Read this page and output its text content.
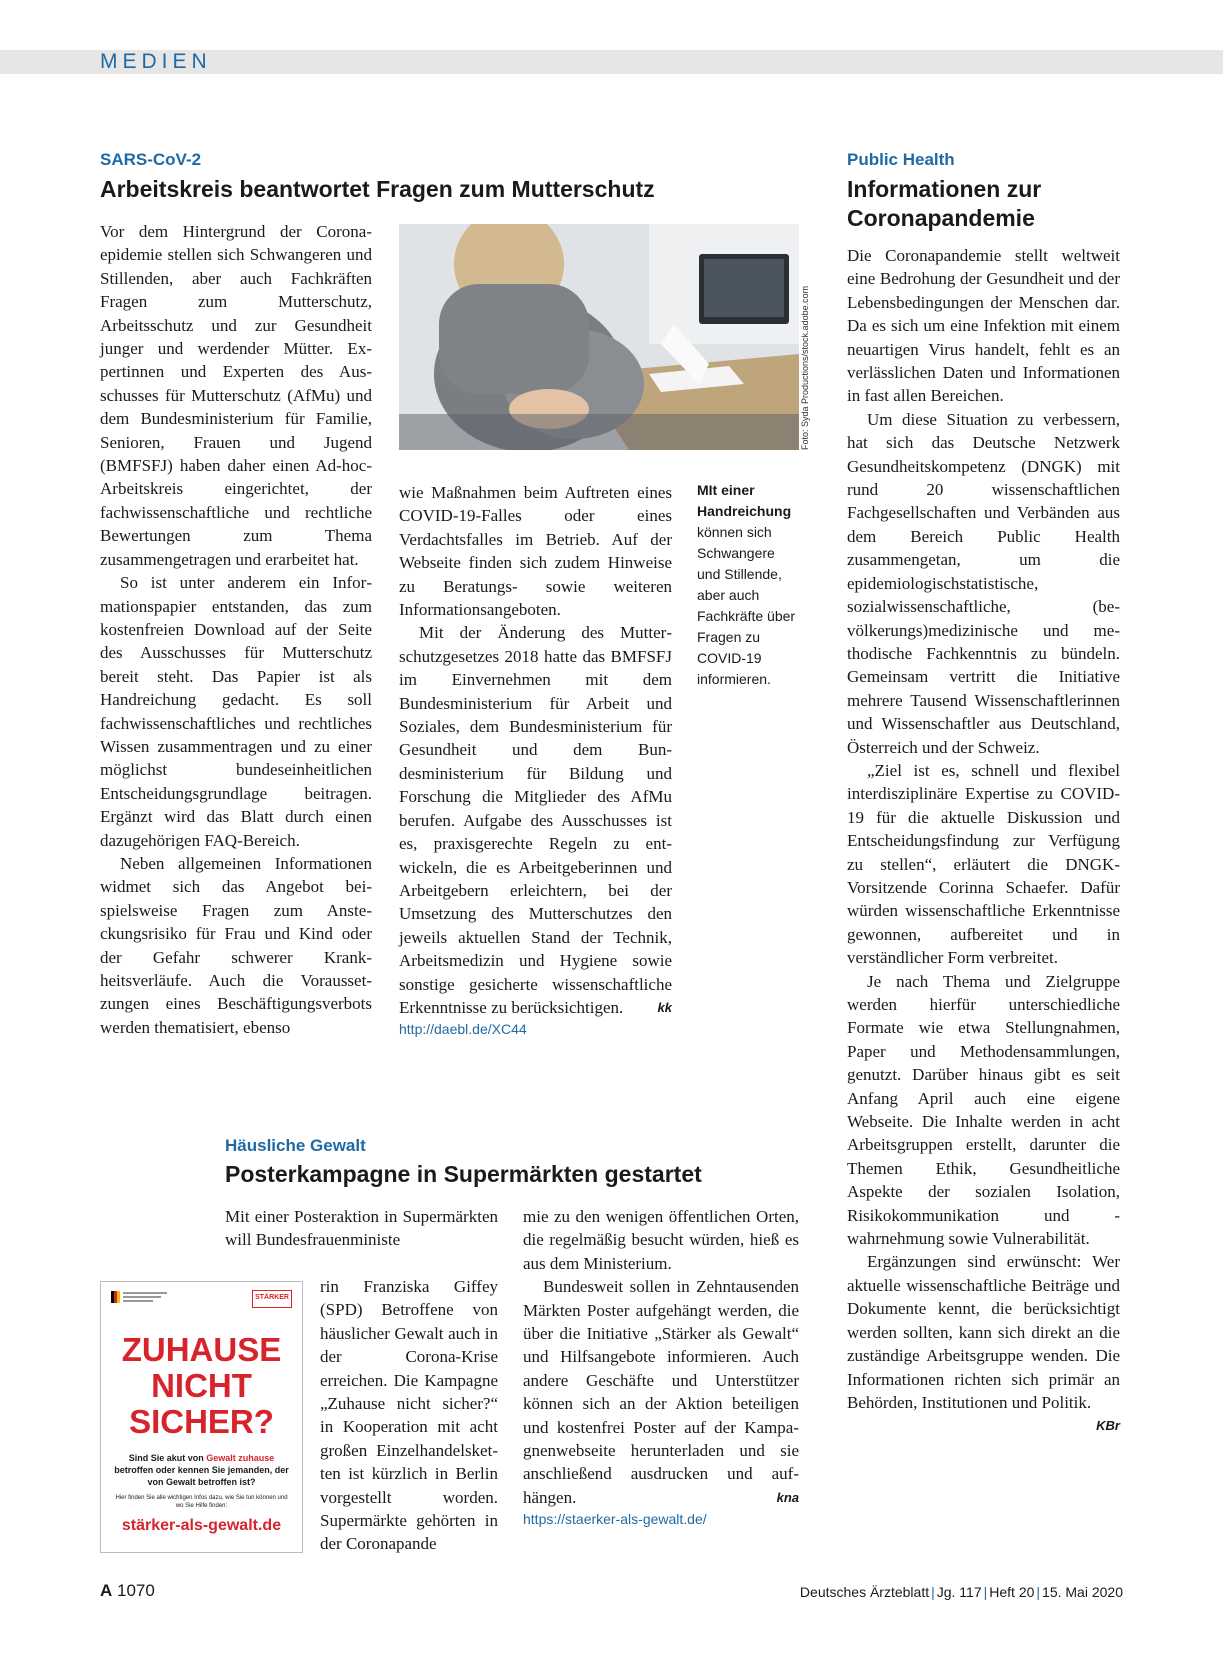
MEDIEN
SARS-CoV-2
Arbeitskreis beantwortet Fragen zum Mutterschutz

Vor dem Hintergrund der Coronaepidemie stellen sich Schwangeren und Stillenden, aber auch Fachkräften Fragen zum Mutterschutz, Arbeitsschutz und zur Gesundheit junger und werdender Mütter. Expertinnen und Experten des Ausschusses für Mutterschutz (AfMu) und dem Bundesministerium für Familie, Senioren, Frauen und Jugend (BMFSFJ) haben daher einen Ad-hoc-Arbeitskreis eingerichtet, der fachwissenschaftliche und rechtliche Bewertungen zum Thema zusammengetragen und erarbeitet hat.

So ist unter anderem ein Informationspapier entstanden, das zum kostenfreien Download auf der Seite des Ausschusses für Mutterschutz bereit steht. Das Papier ist als Handreichung gedacht. Es soll fachwissenschaftliches und rechtliches Wissen zusammentragen und zu einer möglichst bundeseinheitlichen Entscheidungsgrundlage beitragen. Ergänzt wird das Blatt durch einen dazugehörigen FAQ-Bereich.

Neben allgemeinen Informationen widmet sich das Angebot beispielsweise Fragen zum Ansteckungsrisiko für Frau und Kind oder der Gefahr schwerer Krankheitsverläufe. Auch die Voraussetzungen eines Beschäftigungsverbots werden thematisiert, ebenso

Foto: Syda Productions/stock.adobe.com

wie Maßnahmen beim Auftreten eines COVID-19-Falles oder eines Verdachtsfalles im Betrieb. Auf der Webseite finden sich zudem Hinweise zu Beratungs- sowie weiteren Informationsangeboten.

Mit der Änderung des Mutterschutzgesetzes 2018 hatte das BMFSFJ im Einvernehmen mit dem Bundesministerium für Arbeit und Soziales, dem Bundesministerium für Gesundheit und dem Bundesministerium für Bildung und Forschung die Mitglieder des AfMu berufen. Aufgabe des Ausschusses ist es, praxisgerechte Regeln zu entwickeln, die es Arbeitgeberinnen und Arbeitgebern erleichtern, bei der Umsetzung des Mutterschutzes den jeweils aktuellen Stand der Technik, Arbeitsmedizin und Hygiene sowie sonstige gesicherte wissenschaftliche Erkenntnisse zu berücksichtigen.	kk

http://daebl.de/XC44
MIt einer Handreichung können sich Schwangere und Stillende, aber auch Fachkräfte über Fragen zu COVID-19 informieren.
Public Health
Informationen zur
Coronapandemie

Die Coronapandemie stellt weltweit eine Bedrohung der Gesundheit und der Lebensbedingungen der Menschen dar. Da es sich um eine Infektion mit einem neuartigen Virus handelt, fehlt es an verlässlichen Daten und Informationen in fast allen Bereichen.

Um diese Situation zu verbessern, hat sich das Deutsche Netzwerk Gesundheitskompetenz (DNGK) mit rund 20 wissenschaftlichen Fachgesellschaften und Verbänden aus dem Bereich Public Health zusammengetan, um die epidemiologischstatistische, sozialwissenschaftliche, (bevölkerungs)medizinische und methodische Fachkenntnis zu bündeln. Gemeinsam vertritt die Initiative mehrere Tausend Wissenschaftlerinnen und Wissenschaftler aus Deutschland, Österreich und der Schweiz.

„Ziel ist es, schnell und flexibel interdisziplinäre Expertise zu COVID-19 für die aktuelle Diskussion und Entscheidungsfindung zur Verfügung zu stellen“, erläutert die DNGK-Vorsitzende Corinna Schaefer. Dafür würden wissenschaftliche Erkenntnisse gewonnen, aufbereitet und in verständlicher Form verbreitet.

Je nach Thema und Zielgruppe werden hierfür unterschiedliche Formate wie etwa Stellungnahmen, Paper und Methodensammlungen, genutzt. Darüber hinaus gibt es seit Anfang April auch eine eigene Webseite. Die Inhalte werden in acht Arbeitsgruppen erstellt, darunter die Themen Ethik, Gesundheitliche Aspekte der sozialen Isolation, Risikokommunikation und -wahrnehmung sowie Vulnerabilität.

Ergänzungen sind erwünscht: Wer aktuelle wissenschaftliche Beiträge und Dokumente kennt, die berücksichtigt werden sollten, kann sich direkt an die zuständige Arbeitsgruppe wenden. Die Informationen richten sich primär an Behörden, Institutionen und Politik.
KBr

Häusliche Gewalt
Posterkampagne in Supermärkten gestartet
Mit einer Posteraktion in Supermärkten will Bundesfrauenministe
STÄRKER
ZUHAUSE
NICHT
SICHER?
Sind Sie akut von Gewalt zuhause betroffen oder kennen Sie jemanden, der von Gewalt betroffen ist?
Hier finden Sie alle wichtigen Infos dazu, wie Sie tun können und wo Sie Hilfe finden:
stärker-als-gewalt.de
rin Franziska Giffey (SPD) Betroffene von häuslicher Gewalt auch in der Corona-Krise erreichen. Die Kampagne „Zuhause nicht sicher?“ in Kooperation mit acht großen Einzelhandelsketten ist kürzlich in Berlin vorgestellt worden. Supermärkte gehörten in der Coronapande

mie zu den wenigen öffentlichen Orten, die regelmäßig besucht würden, hieß es aus dem Ministerium.

Bundesweit sollen in Zehntausenden Märkten Poster aufgehängt werden, die über die Initiative „Stärker als Gewalt“ und Hilfsangebote informieren. Auch andere Geschäfte und Unterstützer können sich an der Aktion beteiligen und kostenfrei Poster auf der Kampagnenwebseite herunterladen und sie anschließend ausdrucken und aufhängen.	kna

https://staerker-als-gewalt.de/
A 1070	Deutsches Ärzteblatt | Jg. 117 | Heft 20 | 15. Mai 2020
